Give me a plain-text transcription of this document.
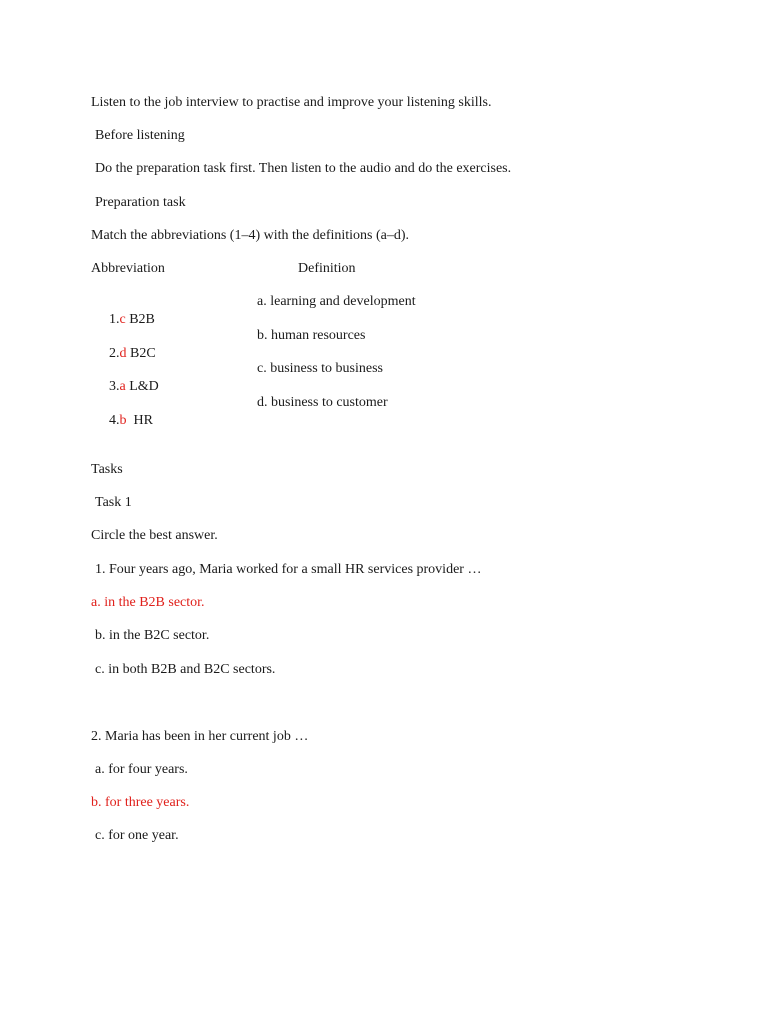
Listen to the job interview to practise and improve your listening skills.
Before listening
Do the preparation task first. Then listen to the audio and do the exercises.
Preparation task
Match the abbreviations (1–4) with the definitions (a–d).
Abbreviation	Definition

1.c B2B

a. learning and development

2.d B2C

b. human resources

3.a L&D

c. business to business

4.b  HR

d. business to customer

Tasks
Task 1
Circle the best answer.
1. Four years ago, Maria worked for a small HR services provider …
a. in the B2B sector.
b. in the B2C sector.
c. in both B2B and B2C sectors.
2. Maria has been in her current job …
a. for four years.
b. for three years.
c. for one year.
